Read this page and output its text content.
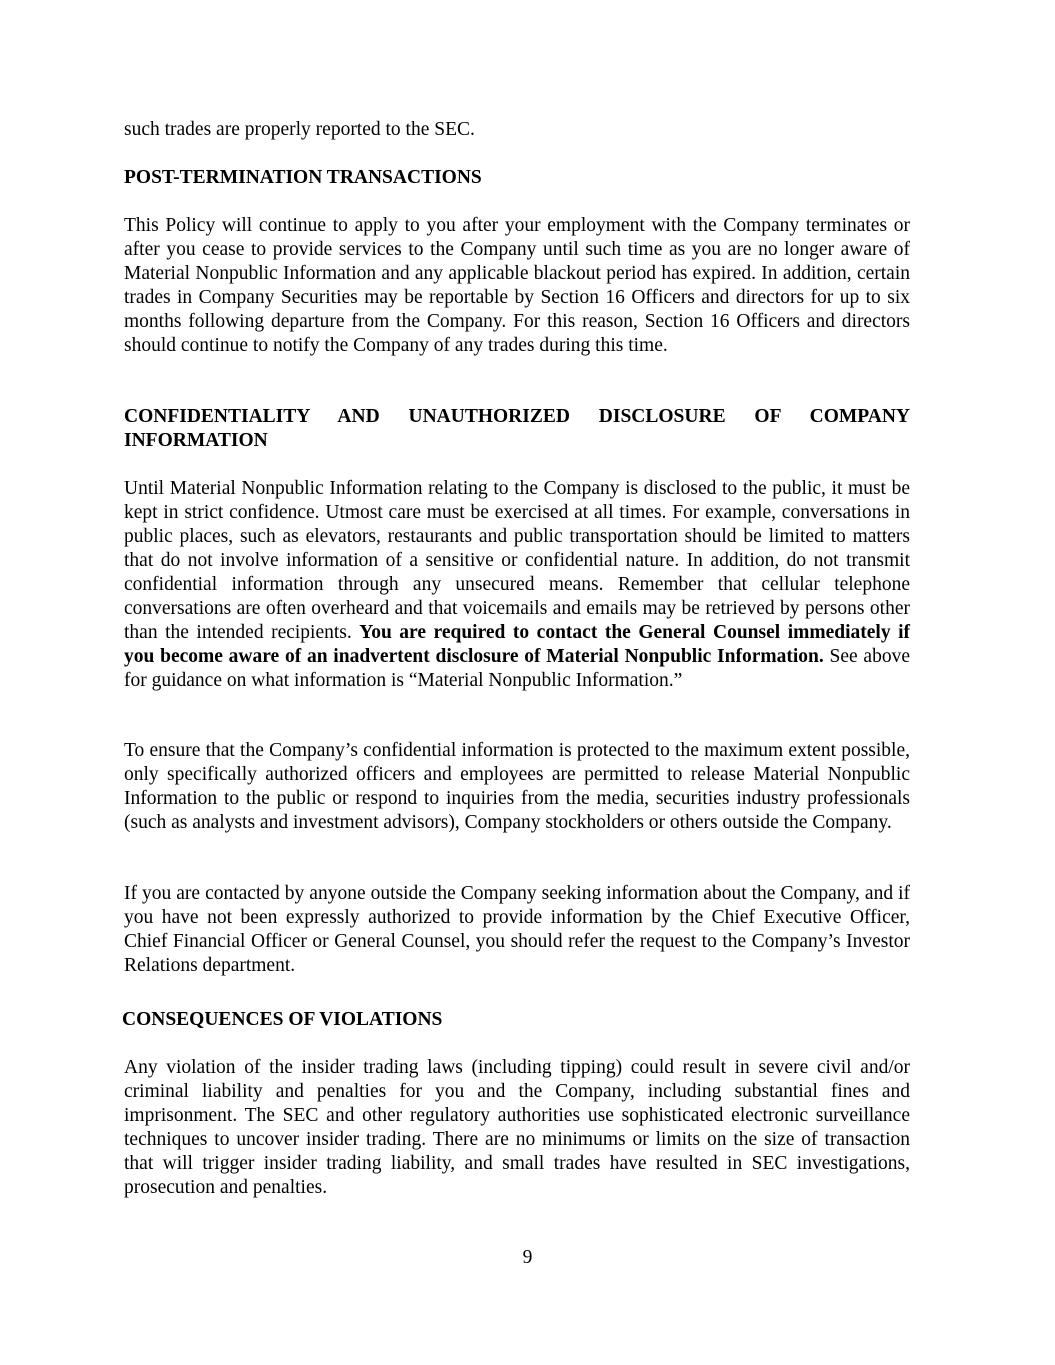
such trades are properly reported to the SEC.

POST-TERMINATION TRANSACTIONS

This Policy will continue to apply to you after your employment with the Company terminates or after you cease to provide services to the Company until such time as you are no longer aware of Material Nonpublic Information and any applicable blackout period has expired. In addition, certain trades in Company Securities may be reportable by Section 16 Officers and directors for up to six months following departure from the Company. For this reason, Section 16 Officers and directors should continue to notify the Company of any trades during this time.

CONFIDENTIALITY AND UNAUTHORIZED DISCLOSURE OF COMPANY INFORMATION

Until Material Nonpublic Information relating to the Company is disclosed to the public, it must be kept in strict confidence. Utmost care must be exercised at all times. For example, conversations in public places, such as elevators, restaurants and public transportation should be limited to matters that do not involve information of a sensitive or confidential nature. In addition, do not transmit confidential information through any unsecured means. Remember that cellular telephone conversations are often overheard and that voicemails and emails may be retrieved by persons other than the intended recipients. You are required to contact the General Counsel immediately if you become aware of an inadvertent disclosure of Material Nonpublic Information. See above for guidance on what information is “Material Nonpublic Information.”

To ensure that the Company’s confidential information is protected to the maximum extent possible, only specifically authorized officers and employees are permitted to release Material Nonpublic Information to the public or respond to inquiries from the media, securities industry professionals (such as analysts and investment advisors), Company stockholders or others outside the Company.

If you are contacted by anyone outside the Company seeking information about the Company, and if you have not been expressly authorized to provide information by the Chief Executive Officer, Chief Financial Officer or General Counsel, you should refer the request to the Company’s Investor Relations department.

CONSEQUENCES OF VIOLATIONS

Any violation of the insider trading laws (including tipping) could result in severe civil and/or criminal liability and penalties for you and the Company, including substantial fines and imprisonment. The SEC and other regulatory authorities use sophisticated electronic surveillance techniques to uncover insider trading. There are no minimums or limits on the size of transaction that will trigger insider trading liability, and small trades have resulted in SEC investigations, prosecution and penalties.

9
